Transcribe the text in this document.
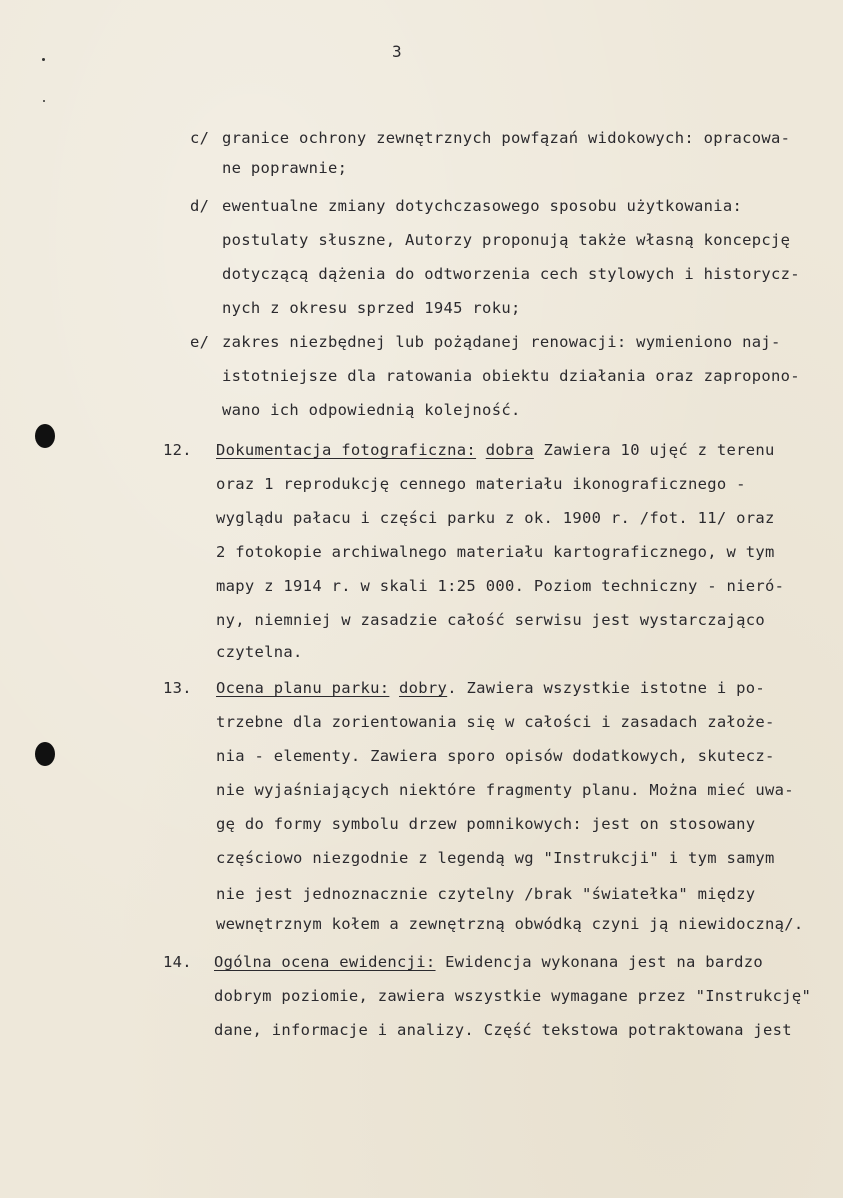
3
c/ granice ochrony zewnętrznych powfązań widokowych: opracowa-
ne poprawnie;
d/ ewentualne zmiany dotychczasowego sposobu użytkowania:
postulaty słuszne, Autorzy proponują także własną koncepcję
dotyczącą dążenia do odtworzenia cech stylowych i historycz-
nych z okresu sprzed 1945 roku;
e/ zakres niezbędnej lub pożądanej renowacji: wymieniono naj-
istotniejsze dla ratowania obiektu działania oraz zapropono-
wano ich odpowiednią kolejność.
12. Dokumentacja fotograficzna: dobra Zawiera 10 ujęć z terenu
oraz 1 reprodukcję cennego materiału ikonograficznego -
wyglądu pałacu i części parku z ok. 1900 r. /fot. 11/ oraz
2 fotokopie archiwalnego materiału kartograficznego, w tym
mapy z 1914 r. w skali 1:25 000. Poziom techniczny - nieró-
ny, niemniej w zasadzie całość serwisu jest wystarczająco
czytelna.
13. Ocena planu parku: dobry. Zawiera wszystkie istotne i po-
trzebne dla zorientowania się w całości i zasadach założe-
nia - elementy. Zawiera sporo opisów dodatkowych, skutecz-
nie wyjaśniających niektóre fragmenty planu. Można mieć uwa-
gę do formy symbolu drzew pomnikowych: jest on stosowany
częściowo niezgodnie z legendą wg "Instrukcji" i tym samym
nie jest jednoznacznie czytelny /brak "światełka" między
wewnętrznym kołem a zewnętrzną obwódką czyni ją niewidoczną/.
14. Ogólna ocena ewidencji: Ewidencja wykonana jest na bardzo
dobrym poziomie, zawiera wszystkie wymagane przez "Instrukcję"
dane, informacje i analizy. Część tekstowa potraktowana jest
